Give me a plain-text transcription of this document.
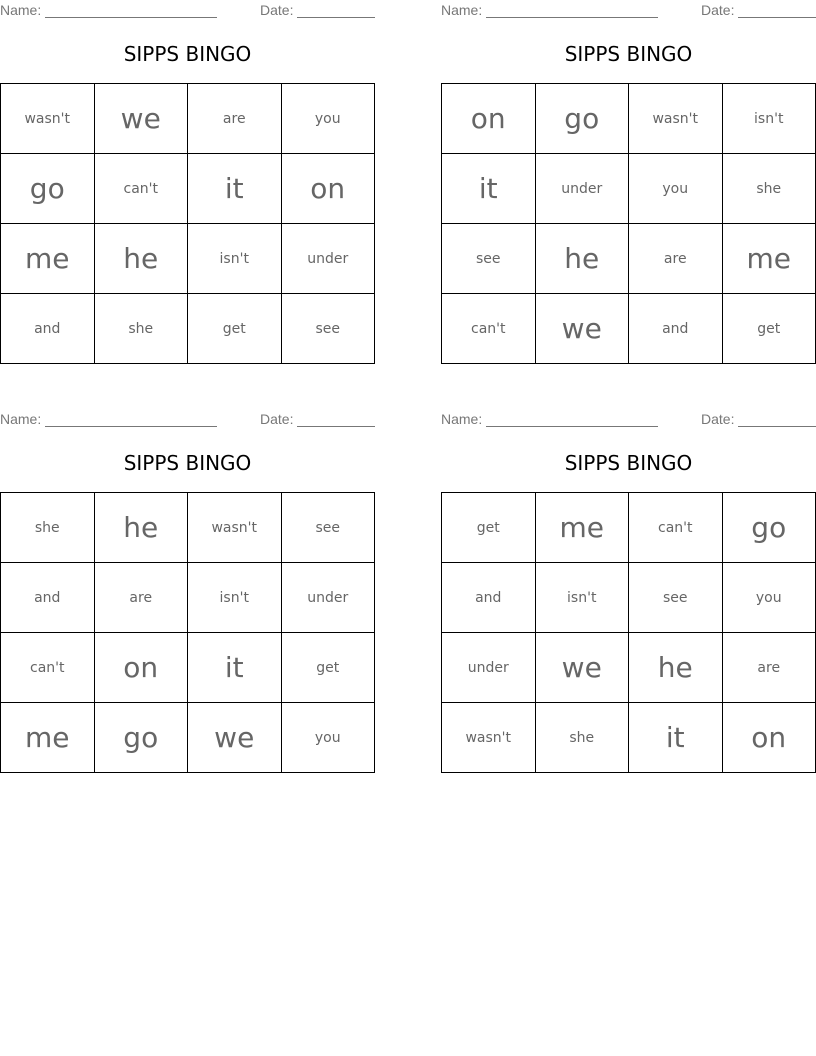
Name:	Date:
SIPPS BINGO
wasn't	we	are	you
go	can't	it	on
me	he	isn't	under
and	she	get	see
Name:	Date:
SIPPS BINGO
on	go	wasn't	isn't
it	under	you	she
see	he	are	me
can't	we	and	get
Name:	Date:
SIPPS BINGO
she	he	wasn't	see
and	are	isn't	under
can't	on	it	get
me	go	we	you
Name:	Date:
SIPPS BINGO
get	me	can't	go
and	isn't	see	you
under	we	he	are
wasn't	she	it	on
